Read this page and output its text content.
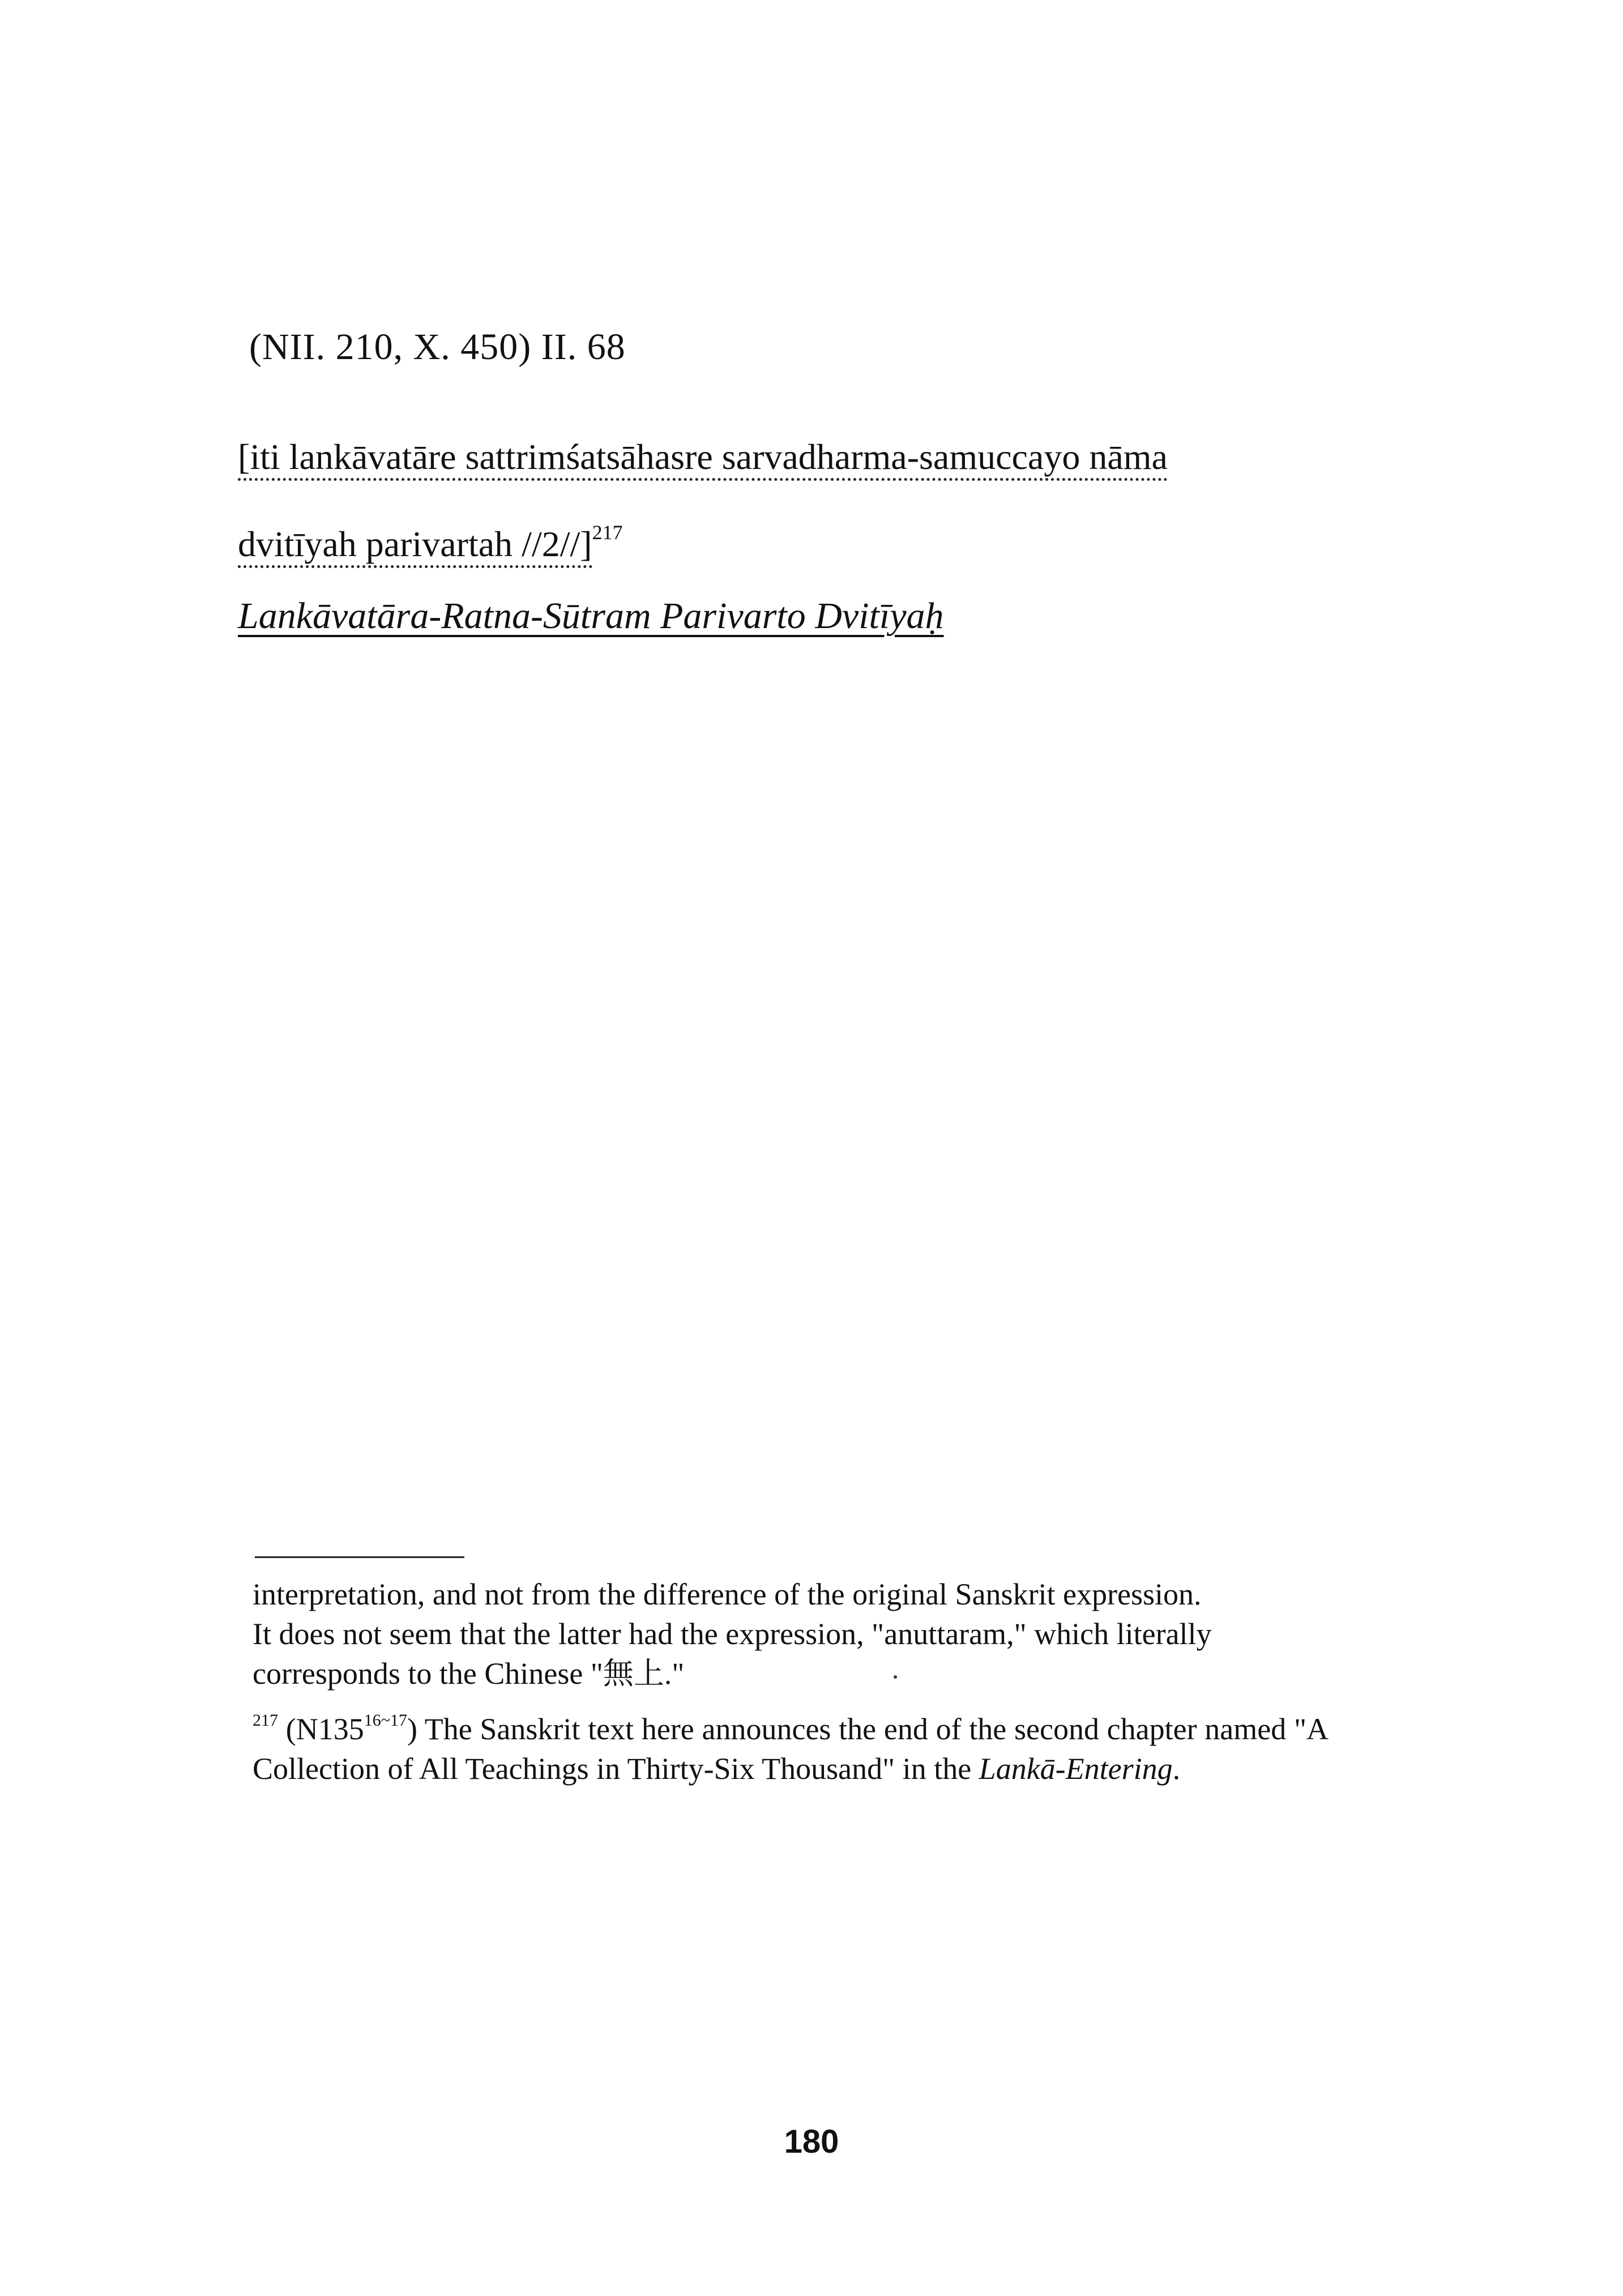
(NII. 210, X. 450) II. 68
[iti lankāvatāre sattrimśatsāhasre sarvadharma-samuccayo nāma
dvitīyah parivartah //2//]$^{217}$
Lankāvatāra-Ratna-Sūtram Parivarto Dvitīyaḥ
interpretation, and not from the difference of the original Sanskrit expression.
It does not seem that the latter had the expression, "anuttaram," which literally
corresponds to the Chinese "無上."
$^{217}$ $(N135^{16\sim 17})$ The Sanskrit text here announces the end of the second chapter named "A Collection of All Teachings in Thirty-Six Thousand" in the Lankā-Entering.
180
